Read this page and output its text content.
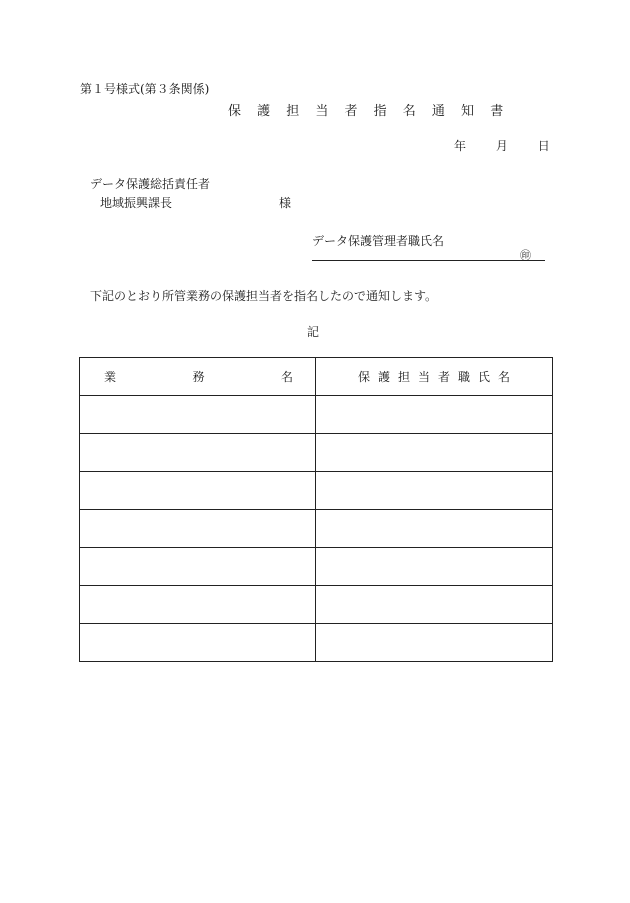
第１号様式(第３条関係)
保 護 担 当 者 指 名 通 知 書
年 月 日
データ保護総括責任者
地域振興課長	様
データ保護管理者職氏名
㊞
下記のとおり所管業務の保護担当者を指名したので通知します。
記
業 務 名	保護担当者職氏名
